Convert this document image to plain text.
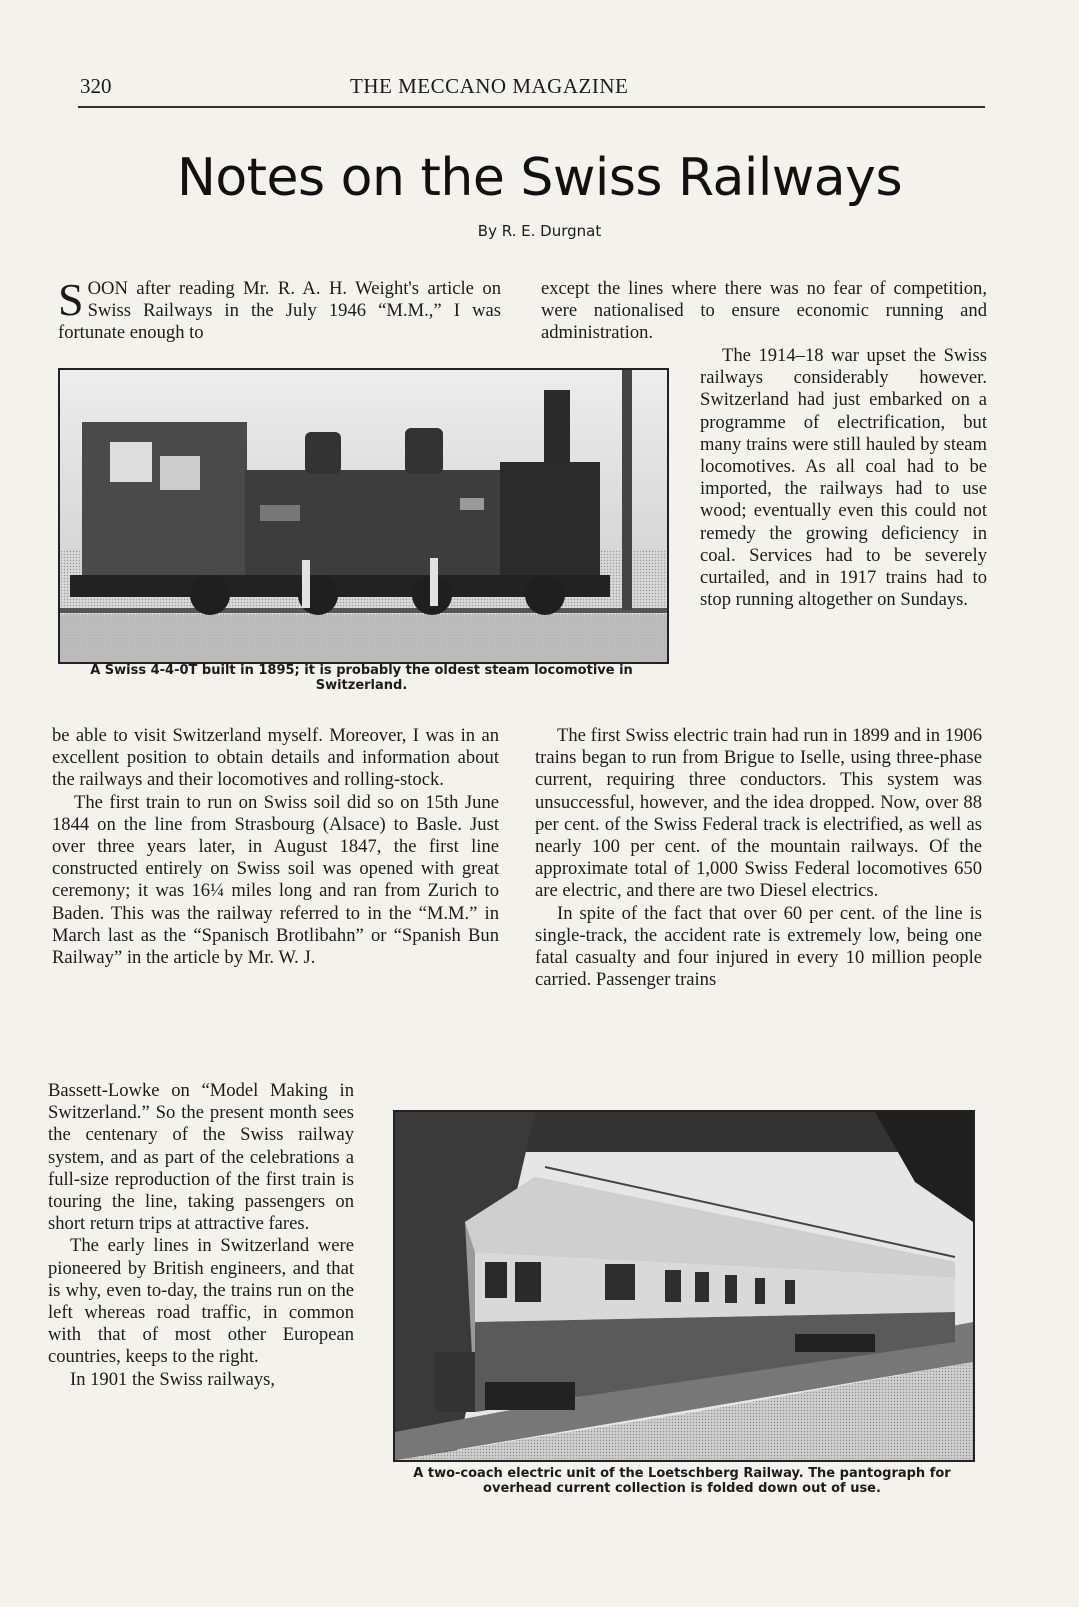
320	THE MECCANO MAGAZINE
Notes on the Swiss Railways
By R. E. Durgnat
S OON after reading Mr. R. A. H. Weight's article on Swiss Railways in the July 1946 “M.M.,” I was fortunate enough to
except the lines where there was no fear of competition, were nationalised to ensure economic running and administration.
A Swiss 4-4-0T built in 1895; it is probably the oldest steam locomotive in Switzerland.

The 1914–18 war upset the Swiss railways considerably however. Switzerland had just embarked on a programme of electrification, but many trains were still hauled by steam locomotives. As all coal had to be imported, the railways had to use wood; eventually even this could not remedy the growing deficiency in coal. Services had to be severely curtailed, and in 1917 trains had to stop running altogether on Sundays.

be able to visit Switzerland myself. Moreover, I was in an excellent position to obtain details and information about the railways and their locomotives and rolling-stock.

The first train to run on Swiss soil did so on 15th June 1844 on the line from Strasbourg (Alsace) to Basle. Just over three years later, in August 1847, the first line constructed entirely on Swiss soil was opened with great ceremony; it was 16¼ miles long and ran from Zurich to Baden. This was the railway referred to in the “M.M.” in March last as the “Spanisch Brotlibahn” or “Spanish Bun Railway” in the article by Mr. W. J.

The first Swiss electric train had run in 1899 and in 1906 trains began to run from Brigue to Iselle, using three-phase current, requiring three conductors. This system was unsuccessful, however, and the idea dropped. Now, over 88 per cent. of the Swiss Federal track is electrified, as well as nearly 100 per cent. of the mountain railways. Of the approximate total of 1,000 Swiss Federal locomotives 650 are electric, and there are two Diesel electrics.

In spite of the fact that over 60 per cent. of the line is single-track, the accident rate is extremely low, being one fatal casualty and four injured in every 10 million people carried. Passenger trains

Bassett-Lowke on “Model Making in Switzerland.” So the present month sees the centenary of the Swiss railway system, and as part of the celebrations a full-size reproduction of the first train is touring the line, taking passengers on short return trips at attractive fares.

The early lines in Switzerland were pioneered by British engineers, and that is why, even to-day, the trains run on the left whereas road traffic, in common with that of most other European countries, keeps to the right.

In 1901 the Swiss railways,

A two-coach electric unit of the Loetschberg Railway. The pantograph for overhead current collection is folded down out of use.
